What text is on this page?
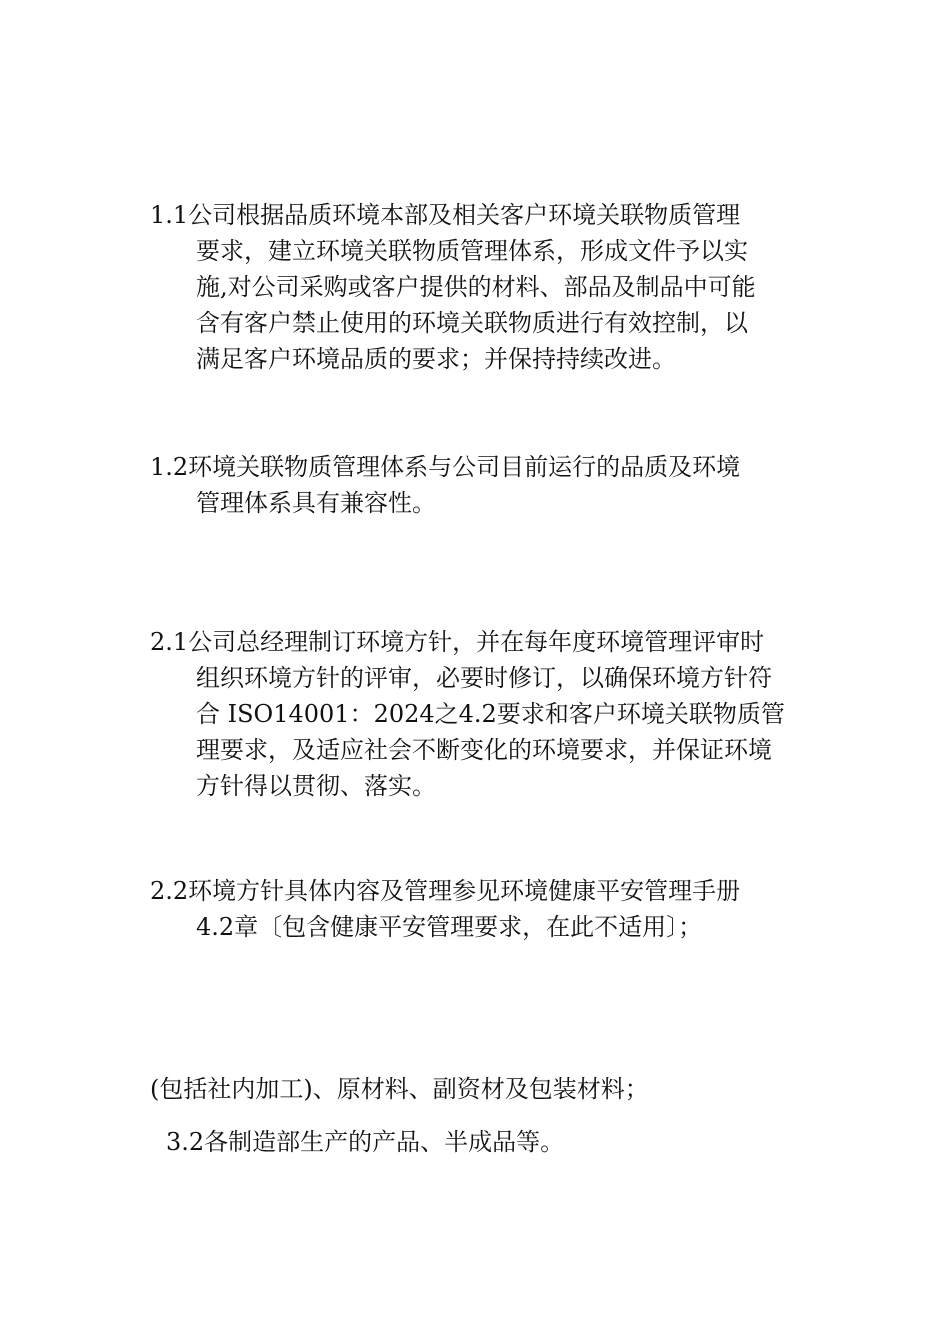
1.1公司根据品质环境本部及相关客户环境关联物质管理
要求，建立环境关联物质管理体系，形成文件予以实
施,对公司采购或客户提供的材料、部品及制品中可能
含有客户禁止使用的环境关联物质进行有效控制，以
满足客户环境品质的要求；并保持持续改进。
1.2环境关联物质管理体系与公司目前运行的品质及环境
管理体系具有兼容性。
2.1公司总经理制订环境方针，并在每年度环境管理评审时
组织环境方针的评审，必要时修订，以确保环境方针符
合 ISO14001：2024之4.2要求和客户环境关联物质管
理要求，及适应社会不断变化的环境要求，并保证环境
方针得以贯彻、落实。
2.2环境方针具体内容及管理参见环境健康平安管理手册
4.2章〔包含健康平安管理要求，在此不适用〕；
(包括社内加工)、原材料、副资材及包装材料；
3.2各制造部生产的产品、半成品等。
